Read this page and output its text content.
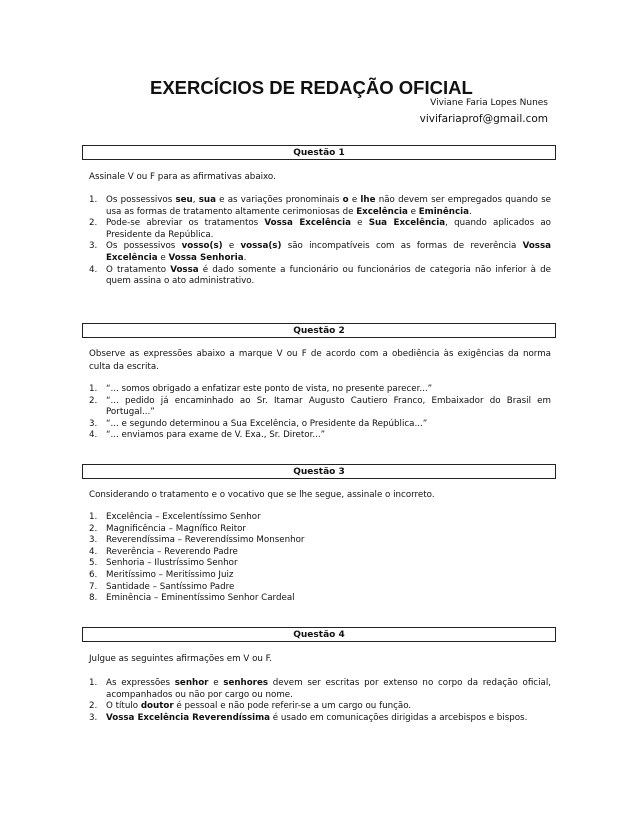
EXERCÍCIOS DE REDAÇÃO OFICIAL
Viviane Faria Lopes Nunes
vivifariaprof@gmail.com
Questão 1
Assinale V ou F para as afirmativas abaixo.
1. Os possessivos seu, sua e as variações pronominais o e lhe não devem ser empregados quando se usa as formas de tratamento altamente cerimoniosas de Excelência e Eminência.
2. Pode-se abreviar os tratamentos Vossa Excelência e Sua Excelência, quando aplicados ao Presidente da República.
3. Os possessivos vosso(s) e vossa(s) são incompatíveis com as formas de reverência Vossa Excelência e Vossa Senhoria.
4. O tratamento Vossa é dado somente a funcionário ou funcionários de categoria não inferior à de quem assina o ato administrativo.
Questão 2
Observe as expressões abaixo a marque V ou F de acordo com a obediência às exigências da norma culta da escrita.
1. “... somos obrigado a enfatizar este ponto de vista, no presente parecer...”
2. “... pedido já encaminhado ao Sr. Itamar Augusto Cautiero Franco, Embaixador do Brasil em Portugal...”
3. “... e segundo determinou a Sua Excelência, o Presidente da República...”
4. “... enviamos para exame de V. Exa., Sr. Diretor...”
Questão 3
Considerando o tratamento e o vocativo que se lhe segue, assinale o incorreto.
1. Excelência – Excelentíssimo Senhor
2. Magnificência – Magnífico Reitor
3. Reverendíssima – Reverendíssimo Monsenhor
4. Reverência – Reverendo Padre
5. Senhoria – Ilustríssimo Senhor
6. Meritíssimo – Meritíssimo Juiz
7. Santidade – Santíssimo Padre
8. Eminência – Eminentíssimo Senhor Cardeal
Questão 4
Julgue as seguintes afirmações em V ou F.
1. As expressões senhor e senhores devem ser escritas por extenso no corpo da redação oficial, acompanhados ou não por cargo ou nome.
2. O título doutor é pessoal e não pode referir-se a um cargo ou função.
3. Vossa Excelência Reverendíssima é usado em comunicações dirigidas a arcebispos e bispos.
